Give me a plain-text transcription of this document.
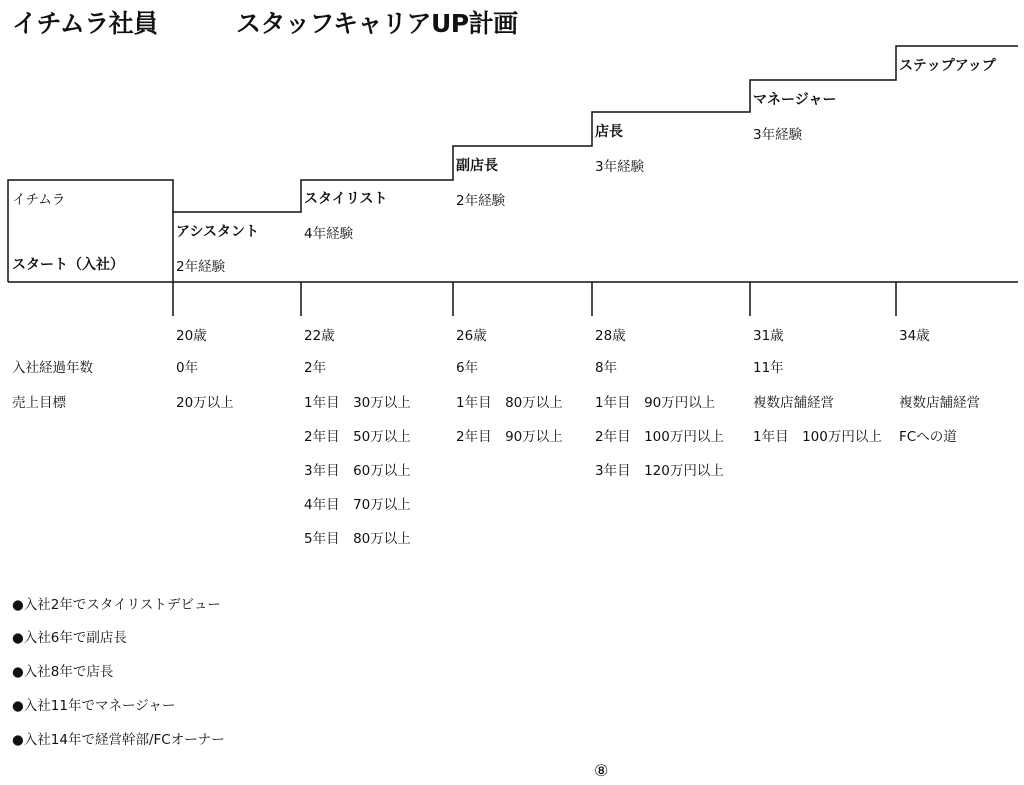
イチムラ社員	スタッフキャリアUP計画
イチムラ
スタート（入社）
アシスタント
2年経験
スタイリスト
4年経験
副店長
2年経験
店長
3年経験
マネージャー
3年経験
ステップアップ
入社経過年数
売上目標
20歳
0年
20万以上
22歳
2年
1年目　30万以上
2年目　50万以上
3年目　60万以上
4年目　70万以上
5年目　80万以上
26歳
6年
1年目　80万以上
2年目　90万以上
28歳
8年
1年目　90万円以上
2年目　100万円以上
3年目　120万円以上
31歳
11年
複数店舗経営
1年目　100万円以上
34歳
複数店舗経営
FCへの道
●入社2年でスタイリストデビュー
●入社6年で副店長
●入社8年で店長
●入社11年でマネージャー
●入社14年で経営幹部/FCオーナー
⑧
